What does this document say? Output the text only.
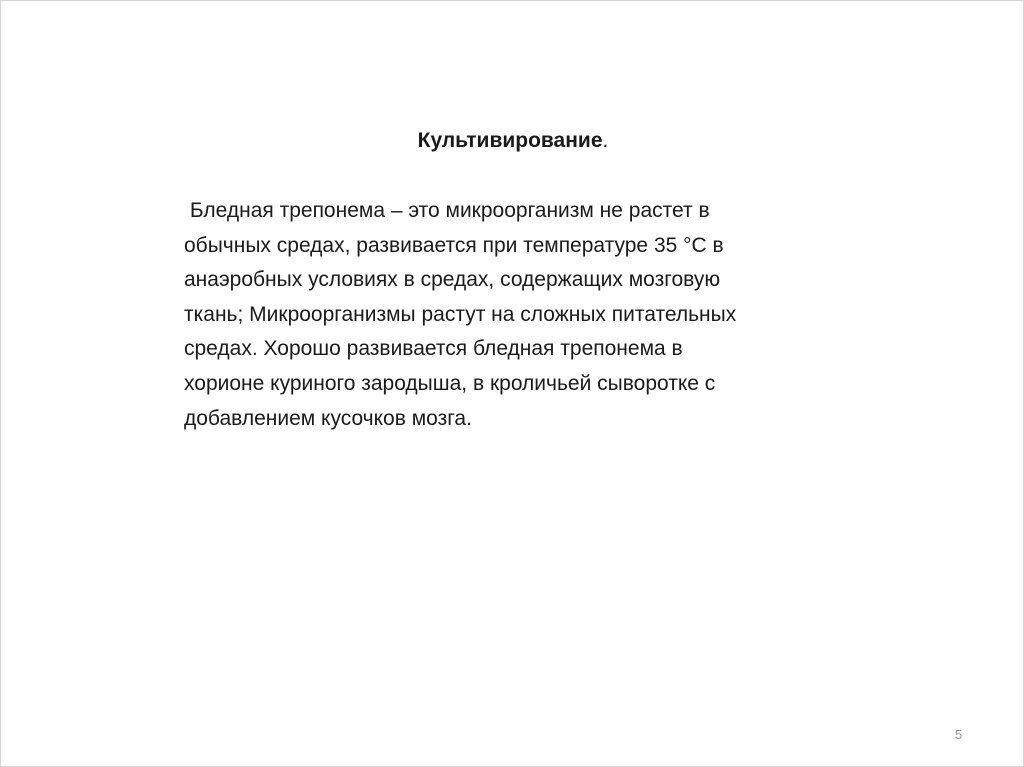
Культивирование.
Бледная трепонема – это микроорганизм не растет в
обычных средах, развивается при температуре 35 °С в
анаэробных условиях в средах, содержащих мозговую
ткань; Микроорганизмы растут на сложных питательных
средах. Хорошо развивается бледная трепонема в
хорионе куриного зародыша, в кроличьей сыворотке с
добавлением кусочков мозга.
5
